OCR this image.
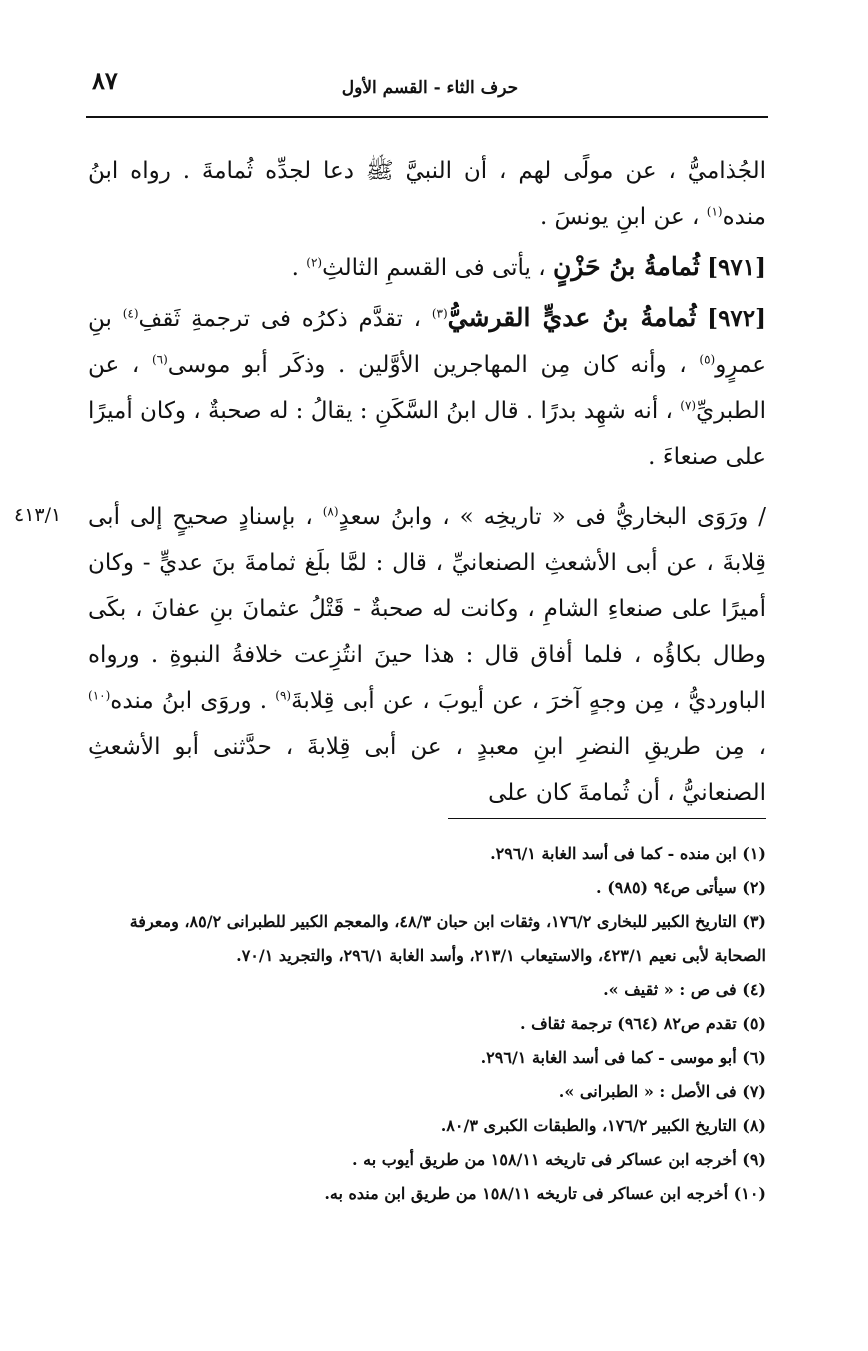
٨٧	حرف الثاء - القسم الأول

الجُذاميُّ ، عن مولًى لهم ، أن النبيَّ ﷺ دعا لجدِّه ثُمامةَ . رواه ابنُ منده$^{(١)}$ ، عن ابنِ يونسَ .

[٩٧١] ثُمامةُ بنُ حَزْنٍ ، يأتى فى القسمِ الثالثِ$^{(٢)}$ .

[٩٧٢] ثُمامةُ بنُ عديٍّ القرشيُّ$^{(٣)}$ ، تقدَّم ذكرُه فى ترجمةِ ثَقفِ$^{(٤)}$ بنِ عمرٍو$^{(٥)}$ ، وأنه كان مِن المهاجرين الأوَّلين . وذكَر أبو موسى$^{(٦)}$ ، عن الطبريِّ$^{(٧)}$ ، أنه شهِد بدرًا . قال ابنُ السَّكَنِ : يقالُ : له صحبةٌ ، وكان أميرًا على صنعاءَ .

/ ورَوَى البخاريُّ فى « تاريخِه » ، وابنُ سعدٍ$^{(٨)}$ ، بإسنادٍ صحيحٍ إلى أبى قِلابةَ ، عن أبى الأشعثِ الصنعانيِّ ، قال : لمَّا بلَغ ثمامةَ بنَ عديٍّ - وكان أميرًا على صنعاءِ الشامِ ، وكانت له صحبةٌ - قَتْلُ عثمانَ بنِ عفانَ ، بكَى وطال بكاؤُه ، فلما أفاق قال : هذا حينَ انتُزِعت خلافةُ النبوةِ . ورواه الباورديُّ ، مِن وجهٍ آخرَ ، عن أيوبَ ، عن أبى قِلابةَ$^{(٩)}$ . وروَى ابنُ منده$^{(١٠)}$ ، مِن طريقِ النضرِ ابنِ معبدٍ ، عن أبى قِلابةَ ، حدَّثنى أبو الأشعثِ الصنعانيُّ ، أن ثُمامةَ كان على

٤١٣/١
(١) ابن منده - كما فى أسد الغابة ٢٩٦/١.
(٢) سيأتى ص٩٤ (٩٨٥) .
(٣) التاريخ الكبير للبخارى ١٧٦/٢، وثقات ابن حبان ٤٨/٣، والمعجم الكبير للطبرانى ٨٥/٢، ومعرفة الصحابة لأبى نعيم ٤٢٣/١، والاستيعاب ٢١٣/١، وأسد الغابة ٢٩٦/١، والتجريد ٧٠/١.
(٤) فى ص : « ثقيف ».
(٥) تقدم ص٨٢ (٩٦٤) ترجمة ثقاف .
(٦) أبو موسى - كما فى أسد الغابة ٢٩٦/١.
(٧) فى الأصل : « الطبرانى ».
(٨) التاريخ الكبير ١٧٦/٢، والطبقات الكبرى ٨٠/٣.
(٩) أخرجه ابن عساكر فى تاريخه ١٥٨/١١ من طريق أيوب به .
(١٠) أخرجه ابن عساكر فى تاريخه ١٥٨/١١ من طريق ابن منده به.
